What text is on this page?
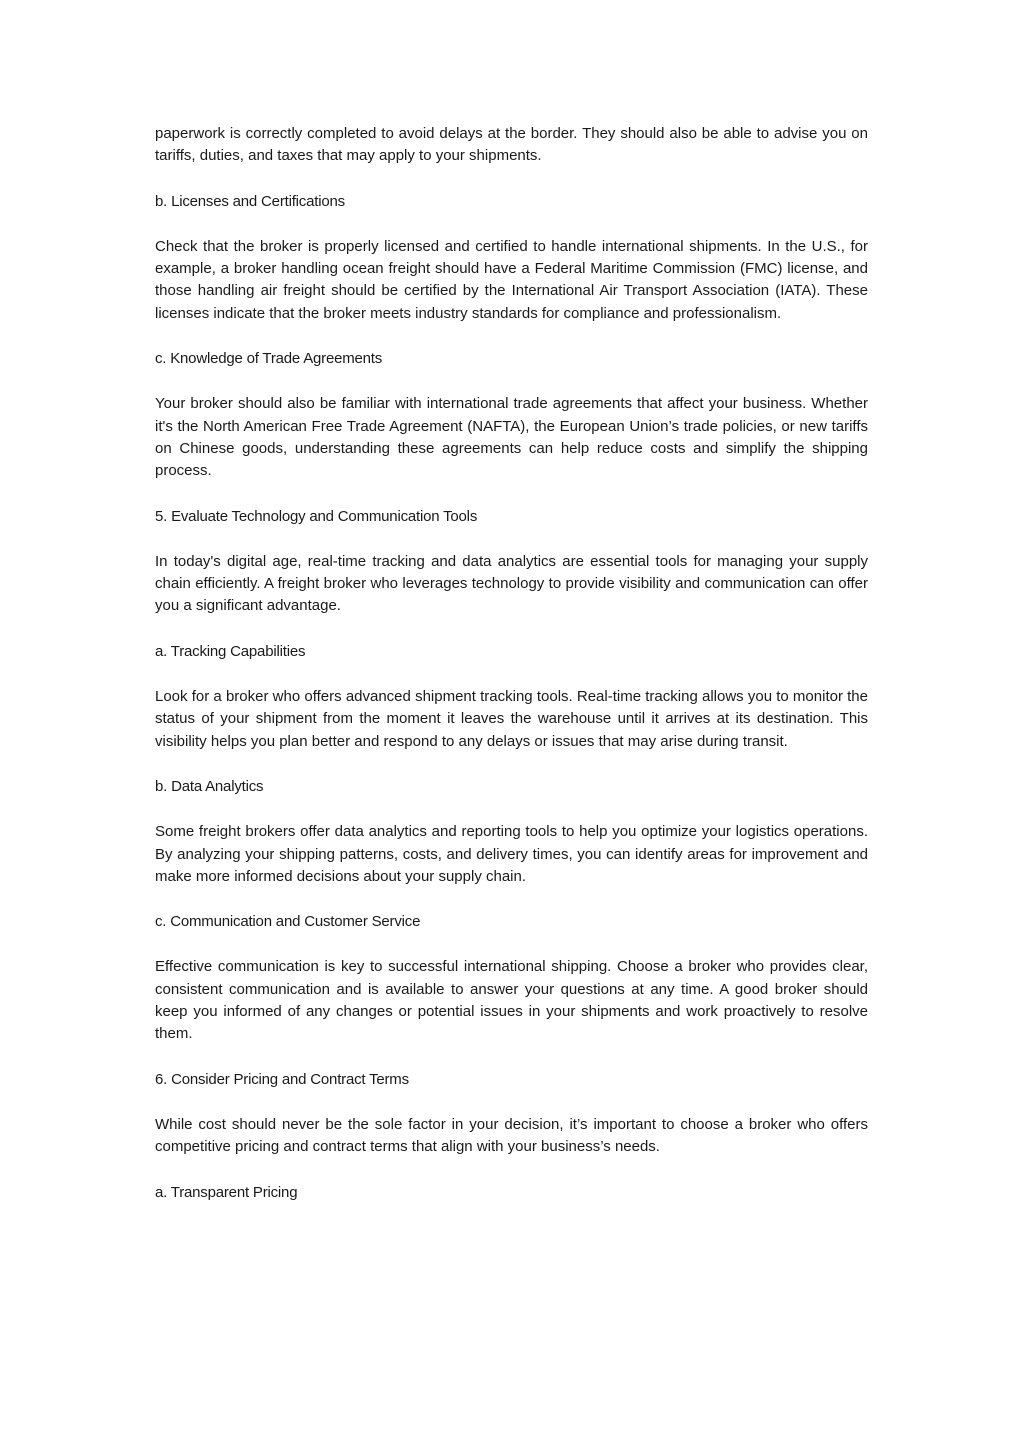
paperwork is correctly completed to avoid delays at the border. They should also be able to advise you on tariffs, duties, and taxes that may apply to your shipments.

b. Licenses and Certifications

Check that the broker is properly licensed and certified to handle international shipments. In the U.S., for example, a broker handling ocean freight should have a Federal Maritime Commission (FMC) license, and those handling air freight should be certified by the International Air Transport Association (IATA). These licenses indicate that the broker meets industry standards for compliance and professionalism.

c. Knowledge of Trade Agreements

Your broker should also be familiar with international trade agreements that affect your business. Whether it's the North American Free Trade Agreement (NAFTA), the European Union’s trade policies, or new tariffs on Chinese goods, understanding these agreements can help reduce costs and simplify the shipping process.

5. Evaluate Technology and Communication Tools

In today's digital age, real-time tracking and data analytics are essential tools for managing your supply chain efficiently. A freight broker who leverages technology to provide visibility and communication can offer you a significant advantage.

a. Tracking Capabilities

Look for a broker who offers advanced shipment tracking tools. Real-time tracking allows you to monitor the status of your shipment from the moment it leaves the warehouse until it arrives at its destination. This visibility helps you plan better and respond to any delays or issues that may arise during transit.

b. Data Analytics

Some freight brokers offer data analytics and reporting tools to help you optimize your logistics operations. By analyzing your shipping patterns, costs, and delivery times, you can identify areas for improvement and make more informed decisions about your supply chain.

c. Communication and Customer Service

Effective communication is key to successful international shipping. Choose a broker who provides clear, consistent communication and is available to answer your questions at any time. A good broker should keep you informed of any changes or potential issues in your shipments and work proactively to resolve them.

6. Consider Pricing and Contract Terms

While cost should never be the sole factor in your decision, it’s important to choose a broker who offers competitive pricing and contract terms that align with your business’s needs.

a. Transparent Pricing
